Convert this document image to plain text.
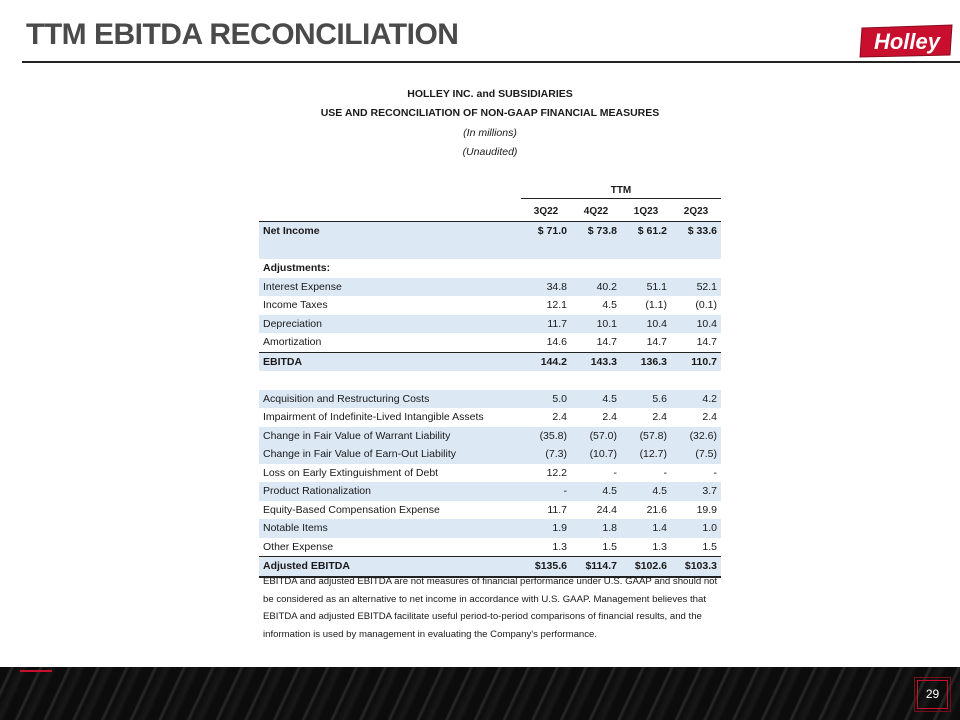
TTM EBITDA RECONCILIATION	Holley
HOLLEY INC. and SUBSIDIARIES
USE AND RECONCILIATION OF NON-GAAP FINANCIAL MEASURES
(In millions)
(Unaudited)
TTM
	3Q22	4Q22	1Q23	2Q23
Net Income	$ 71.0	$ 73.8	$ 61.2	$ 33.6

Adjustments:				
Interest Expense	34.8	40.2	51.1	52.1
Income Taxes	12.1	4.5	(1.1)	(0.1)
Depreciation	11.7	10.1	10.4	10.4
Amortization	14.6	14.7	14.7	14.7
EBITDA	144.2	143.3	136.3	110.7

Acquisition and Restructuring Costs	5.0	4.5	5.6	4.2
Impairment of Indefinite-Lived Intangible Assets	2.4	2.4	2.4	2.4
Change in Fair Value of Warrant Liability	(35.8)	(57.0)	(57.8)	(32.6)
Change in Fair Value of Earn-Out Liability	(7.3)	(10.7)	(12.7)	(7.5)
Loss on Early Extinguishment of Debt	12.2	-	-	-
Product Rationalization	-	4.5	4.5	3.7
Equity-Based Compensation Expense	11.7	24.4	21.6	19.9
Notable Items	1.9	1.8	1.4	1.0
Other Expense	1.3	1.5	1.3	1.5
Adjusted EBITDA	$135.6	$114.7	$102.6	$103.3
EBITDA and adjusted EBITDA are not measures of financial performance under U.S. GAAP and should not be considered as an alternative to net income in accordance with U.S. GAAP. Management believes that EBITDA and adjusted EBITDA facilitate useful period-to-period comparisons of financial results, and the information is used by management in evaluating the Company's performance.
29
